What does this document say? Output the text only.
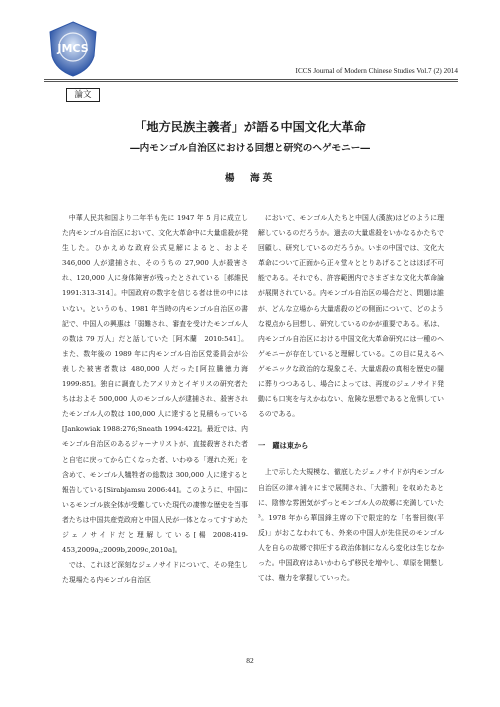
JMCS
ICCS Journal of Modern Chinese Studies Vol.7 (2) 2014
論文
「地方民族主義者」が語る中国文化大革命
―内モンゴル自治区における回想と研究のヘゲモニー―
楊　海英

中華人民共和国より二年半も先に 1947 年 5 月に成立した内モンゴル自治区において、文化大革命中に大量虐殺が発生した。ひかえめな政府公式見解によると、およそ 346,000 人が逮捕され、そのうちの 27,900 人が殺害され、120,000 人に身体障害が残ったとされている［郝維民　1991:313-314］。中国政府の数字を信じる者は世の中にはいない。というのも、1981 年当時の内モンゴル自治区の書記で、中国人の興惠は「弱難され、審査を受けたモンゴル人の数は 79 万人」だと話していた［阿木蘭　2010:541］。また、数年後の 1989 年に内モンゴル自治区党委員会が公表した被害者数は 480,000 人だった[阿拉騰徳力海　1999:85]。独自に調査したアメリカとイギリスの研究者たちはおよそ 500,000 人のモンゴル人が逮捕され、殺害されたモンゴル人の数は 100,000 人に達すると見積もっている [Jankowiak 1988:276;Sneath 1994:422]。最近では、内モンゴル自治区のあるジャーナリストが、直接殺害された者と自宅に戻ってから亡くなった者、いわゆる「遅れた死」を含めて、モンゴル人犠牲者の総数は 300,000 人に達すると報告している[Sirabjamsu 2006:44]。このように、中国にいるモンゴル族全体が受難していた現代の凄惨な歴史を当事者たちは中国共産党政府と中国人民が一体となってすすめたジェノサイドだと理解している[楊 2008:419-453,2009a,;2009b,2009c,2010a]。

では、これほど深刻なジェノサイドについて、その発生した現場たる内モンゴル自治区

において、モンゴル人たちと中国人(漢族)はどのように理解しているのだろうか。過去の大量虐殺をいかなるかたちで回顧し、研究しているのだろうか。いまの中国では、文化大革命について正面から正々堂々ととりあげることはほぼ不可能である。それでも、許容範囲内でさまざまな文化大革命論が展開されている。内モンゴル自治区の場合だと、問題は誰が、どんな立場から大量虐殺のどの側面について、どのような視点から回想し、研究しているのかが重要である。私は、内モンゴル自治区における中国文化大革命研究には一種のヘゲモニーが存在していると理解している。この目に見えるヘゲモニックな政治的な現象こそ、大量虐殺の真相を歴史の闇に葬りつつあるし、場合によっては、再度のジェノサイド発動にも口実を与えかねない、危険な思想であると危惧しているのである。

一　躍は東から

上で示した大規模な、徹底したジェノサイドが内モンゴル自治区の津々浦々にまで展開され、「大勝利」を収めたあとに、陰惨な雰囲気がずっとモンゴル人の故郷に充満していた³。1978 年から華国鋒主席の下で限定的な「名誉回復(平反)」がおこなわれても、外来の中国人が先住民のモンゴル人を自らの故郷で抑圧する政治体制になんら変化は生じなかった。中国政府はあいかわらず移民を増やし、草原を開墾しては、権力を掌握していった。

82
